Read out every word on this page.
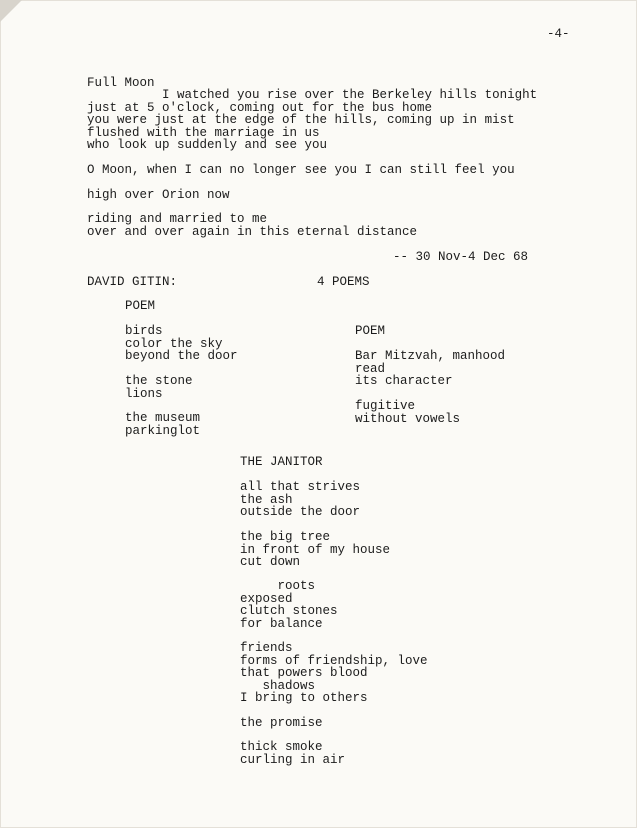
-4-

Full Moon

I watched you rise over the Berkeley hills tonight
just at 5 o'clock, coming out for the bus home
you were just at the edge of the hills, coming up in mist
flushed with the marriage in us
who look up suddenly and see you

O Moon, when I can no longer see you I can still feel you

high over Orion now

riding and married to me
over and over again in this eternal distance

-- 30 Nov-4 Dec 68

DAVID GITIN:	4 POEMS

POEM

birds
color the sky
beyond the door
the stone
lions
the museum
parkinglot

POEM

Bar Mitzvah, manhood
read
its character
fugitive
without vowels

THE JANITOR

all that strives
the ash
outside the door
the big tree
in front of my house
cut down
roots
exposed
clutch stones
for balance
friends
forms of friendship, love
that powers blood
shadows
I bring to others

the promise

thick smoke
curling in air
